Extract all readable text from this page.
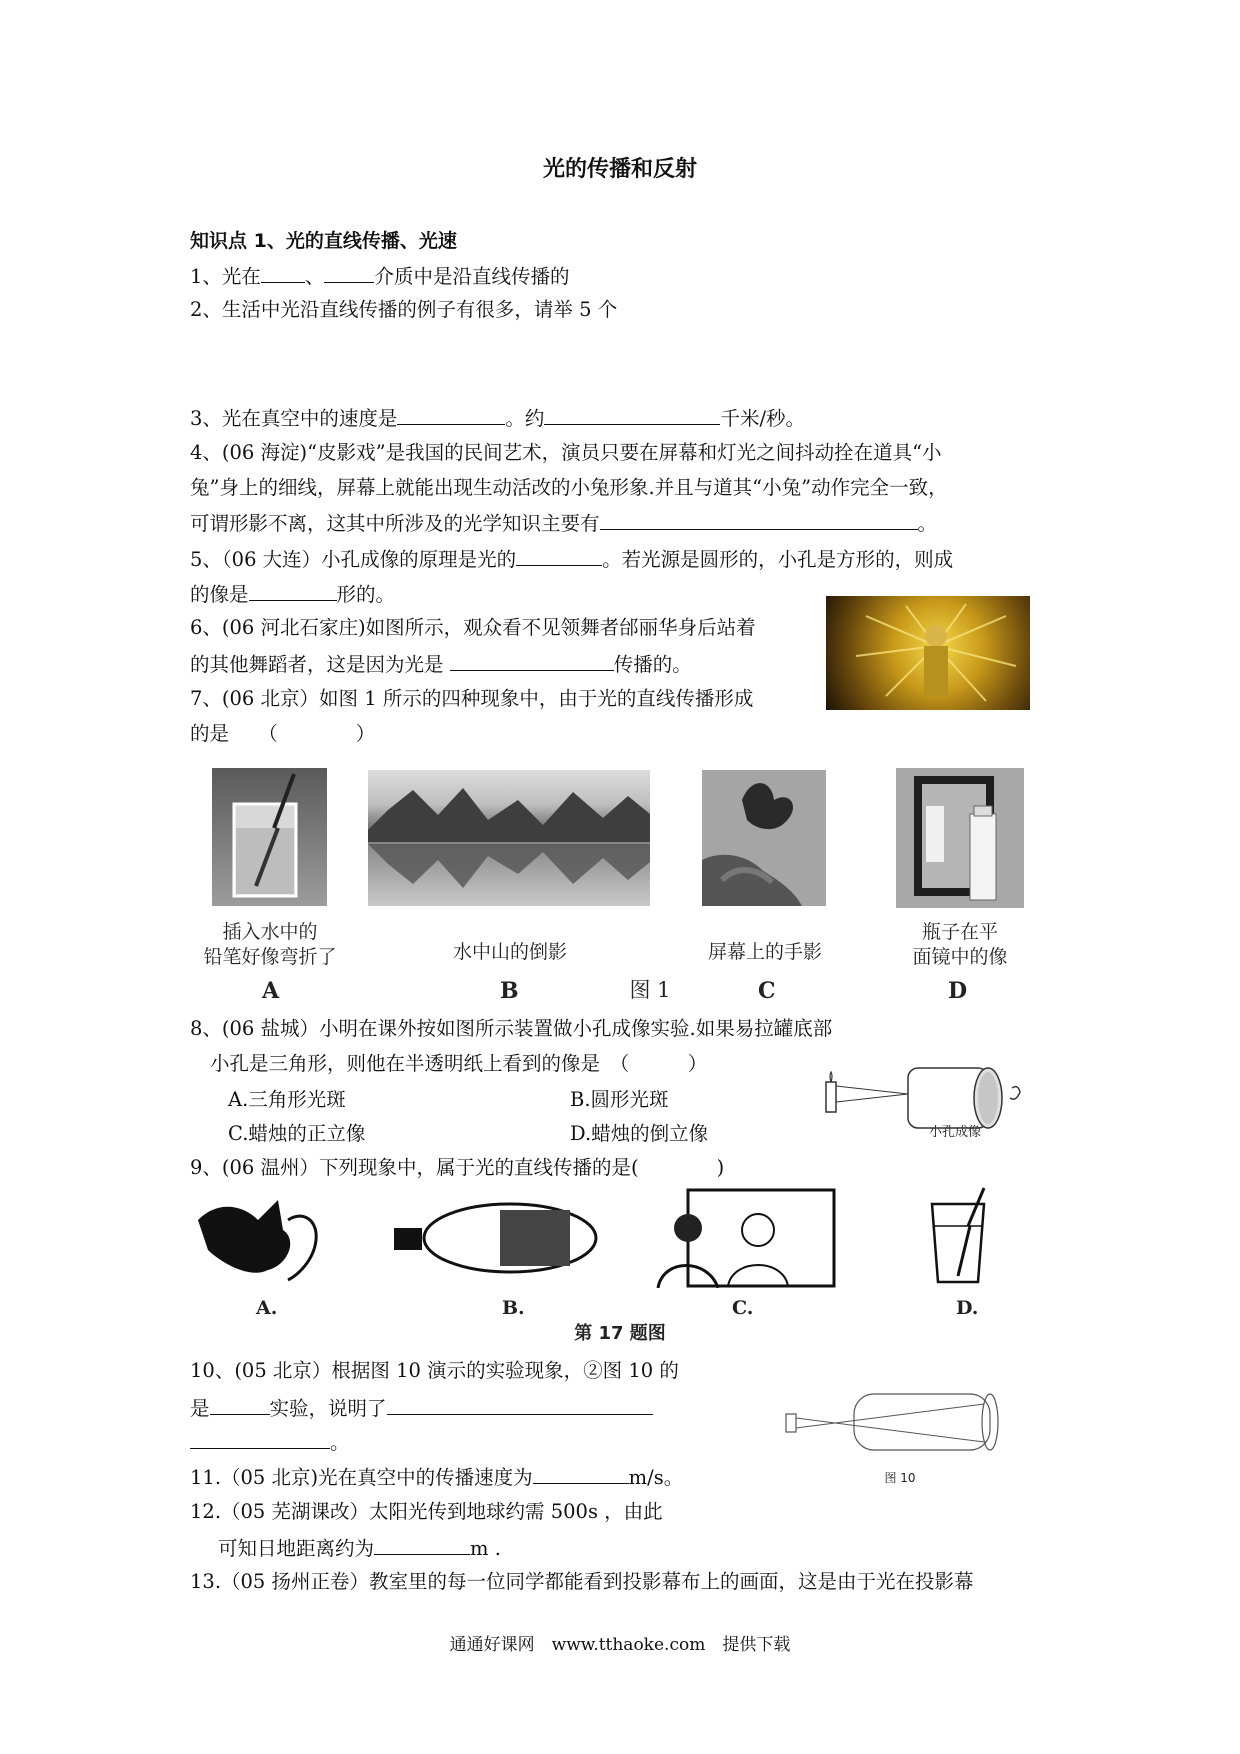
光的传播和反射
知识点 1、光的直线传播、光速
1、光在 、	介质中是沿直线传播的
2、生活中光沿直线传播的例子有很多，请举 5 个
3、光在真空中的速度是	。约	千米/秒。
4、(06 海淀)“皮影戏”是我国的民间艺术，演员只要在屏幕和灯光之间抖动拴在道具“小
兔”身上的细线，屏幕上就能出现生动活改的小兔形象.并且与道其“小兔”动作完全一致，
可谓形影不离，这其中所涉及的光学知识主要有	。
5、（06 大连）小孔成像的原理是光的	。若光源是圆形的，小孔是方形的，则成
的像是	形的。
6、(06 河北石家庄)如图所示，观众看不见领舞者邰丽华身后站着
的其他舞蹈者，这是因为光是	传播的。
7、(06 北京）如图 1 所示的四种现象中，由于光的直线传播形成
的是　　（　　　　）
插入水中的
铅笔好像弯折了	水中山的倒影	屏幕上的手影
瓶子在平
面镜中的像
A	B	图 1	C	D
8、(06 盐城）小明在课外按如图所示装置做小孔成像实验.如果易拉罐底部
小孔是三角形，则他在半透明纸上看到的像是　（　　　）
A.三角形光斑	B.圆形光斑
C.蜡烛的正立像	D.蜡烛的倒立像	小孔成像
9、(06 温州）下列现象中，属于光的直线传播的是(　　　　)
A.	B.	C.	D.
第 17 题图
10、(05 北京）根据图 10 演示的实验现象，②图 10 的
是	实验，说明了
。
图 10
11.（05 北京)光在真空中的传播速度为	m/s。
12.（05 芜湖课改）太阳光传到地球约需 500s ，由此
可知日地距离约为	m .
13.（05 扬州正卷）教室里的每一位同学都能看到投影幕布上的画面，这是由于光在投影幕
通通好课网　www.tthaoke.com　提供下载
